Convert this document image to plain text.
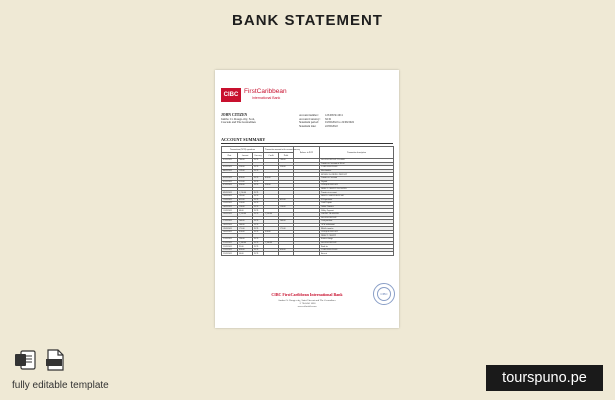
BANK STATEMENT
CIBC FirstCaribbean
International Bank
JOHN CITIZEN
Jumbo Ct. Rouge-city, Sool,
Cascade and The Grenadines
Account number:	1234567411011
Account Currency:	XCD
Statement period:	01/09/2022 to 22/09/2022
Statement date:	22/09/2022
ACCOUNT SUMMARY
Transactions (XCD) operations			Transaction amount in the account currency		Balance in XCD	Transaction description
Date	Amount	Currency	Credit	Debit		
01/09/2022	780.00	XCD		780.00		WAGES DEPOSIT TF0.0001
						Transfer to Account of X.Ltd
02/09/2022	350.00	XCD		350.00		CARD PURCHASE
04/09/2022	129.00	XCD				Merchandise
						MOBILE BANKING DEPOSIT
05/09/2022	410.00	XCD	410.00			Transfer to Account
05/09/2022	215.00	XCD				Deposit
07/09/2022	620.00	XCD	620.00			CHEQUE DEPOSIT
						DIRECT CREDIT TRANSFER
09/09/2022	1,230.00	XCD				Transfer to account
10/09/2022	195.00	XCD				DEBIT CARD PURCHASE
12/09/2022	455.00	XCD		455.00		POS purchase
13/09/2022	310.00	XCD				Cash Deposit
14/09/2022	120.00	XCD		120.00		Online Transfer
15/09/2022	88.00	XCD				Utility Payment
16/09/2022	1,520.00	XCD	1,520.00			CREDIT TRANSFER
						WAGES DEPOSIT
17/09/2022	240.00	XCD		240.00		Card purchase
18/09/2022	500.00	XCD				ATM withdrawal
19/09/2022	175.00	XCD		175.00		Mobile transfer
20/09/2022	610.00	XCD	610.00			CHEQUE DEPOSIT
						DIRECT CREDIT
21/09/2022	290.00	XCD				Service charge
21/09/2022	1,180.00	XCD	1,180.00			WAGES DEPOSIT
22/09/2022	95.00	XCD				Bank fee
22/09/2022	430.00	XCD		430.00		CARD PURCHASE
22/09/2022	60.00	XCD				Interest
CIBC FirstCaribbean International Bank
Jumbo Ct. Rouge-city, Saint Vincent and The Grenadines
+1 784 456 1600
www.cibcfcib.com
CIBC
fully editable template	tourspuno.pe
